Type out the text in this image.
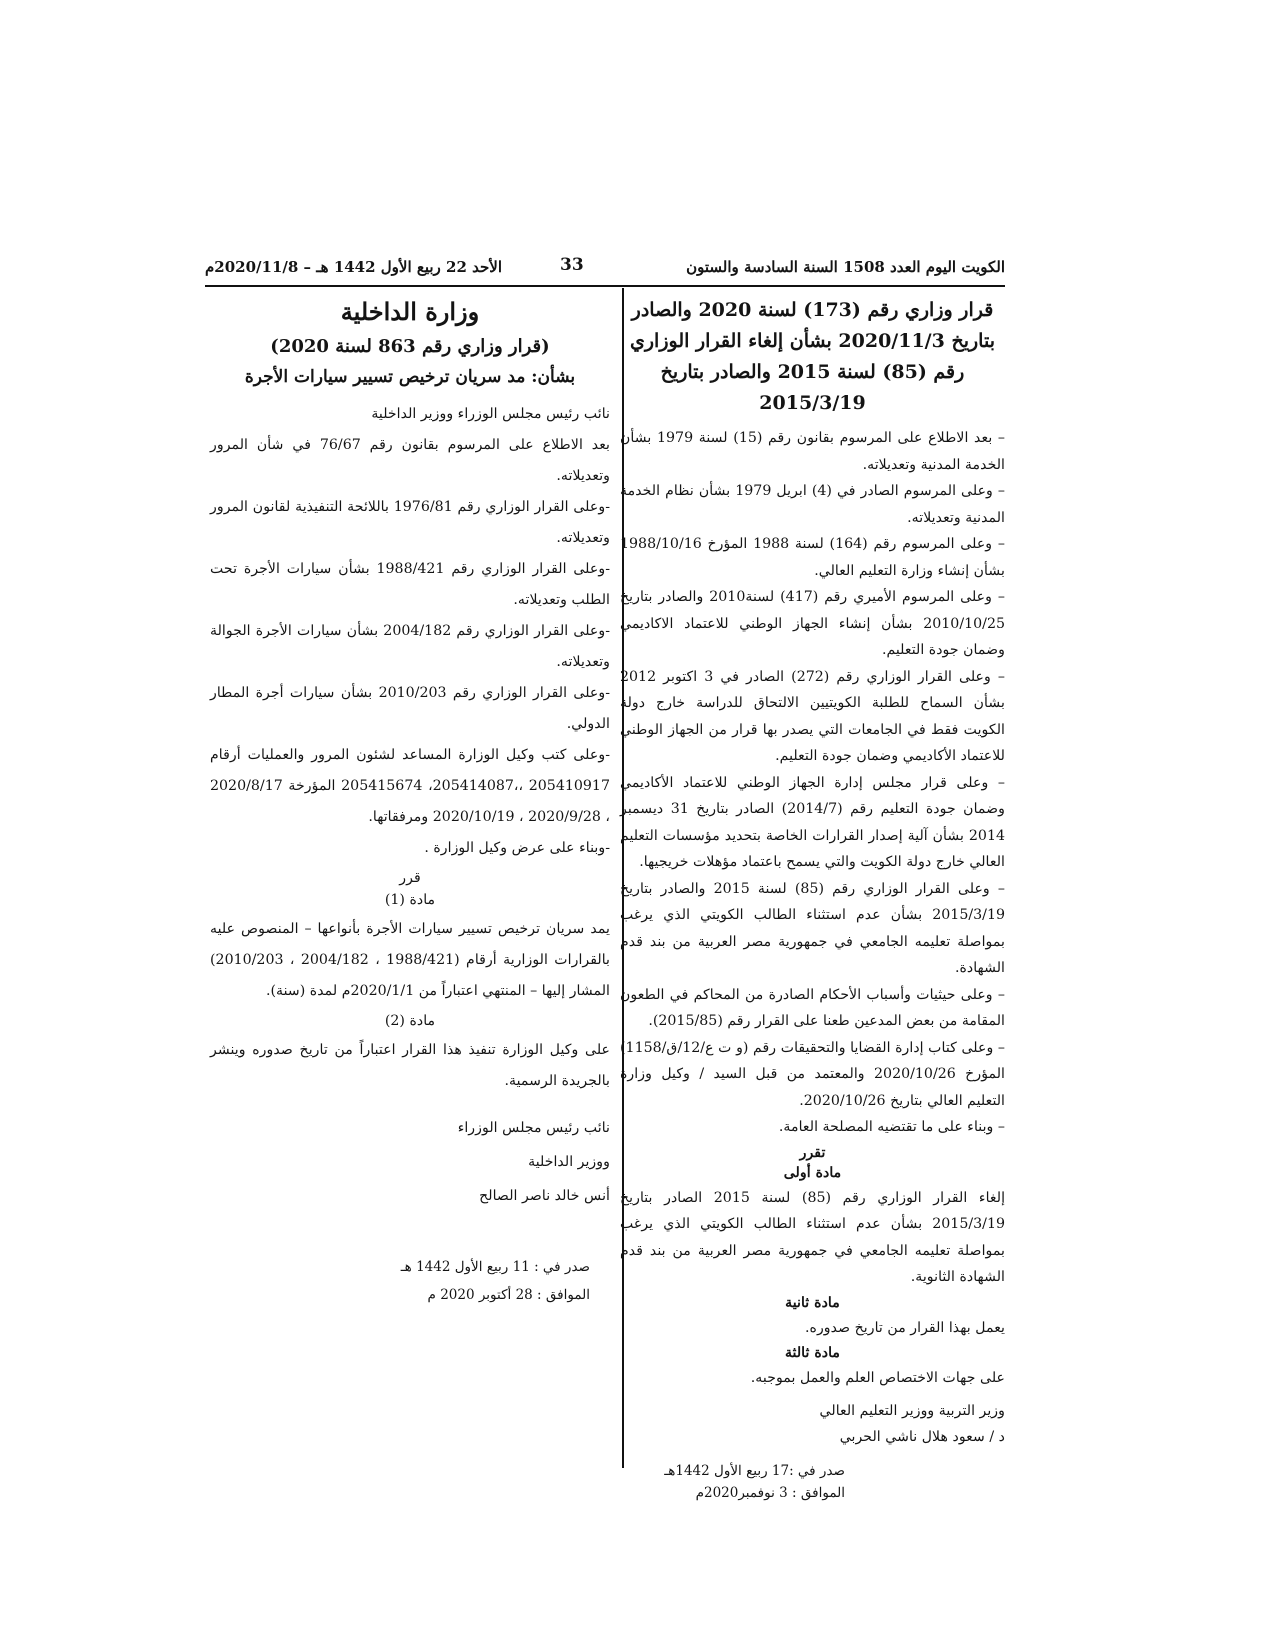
الكويت اليوم العدد 1508 السنة السادسة والستون
33
الأحد 22 ربيع الأول 1442 هـ – 2020/11/8م
قرار وزاري رقم (173) لسنة 2020 والصادر بتاريخ 2020/11/3 بشأن إلغاء القرار الوزاري رقم (85) لسنة 2015 والصادر بتاريخ 2015/3/19

– بعد الاطلاع على المرسوم بقانون رقم (15) لسنة 1979 بشأن الخدمة المدنية وتعديلاته.

– وعلى المرسوم الصادر في (4) ابريل 1979 بشأن نظام الخدمة المدنية وتعديلاته.

– وعلى المرسوم رقم (164) لسنة 1988 المؤرخ 1988/10/16 بشأن إنشاء وزارة التعليم العالي.

– وعلى المرسوم الأميري رقم (417) لسنة2010 والصادر بتاريخ 2010/10/25 بشأن إنشاء الجهاز الوطني للاعتماد الاكاديمي وضمان جودة التعليم.

– وعلى القرار الوزاري رقم (272) الصادر في 3 اكتوبر 2012 بشأن السماح للطلبة الكويتيين الالتحاق للدراسة خارج دولة الكويت فقط في الجامعات التي يصدر بها قرار من الجهاز الوطني للاعتماد الأكاديمي وضمان جودة التعليم.

– وعلى قرار مجلس إدارة الجهاز الوطني للاعتماد الأكاديمي وضمان جودة التعليم رقم (2014/7) الصادر بتاريخ 31 ديسمبر 2014 بشأن آلية إصدار القرارات الخاصة بتحديد مؤسسات التعليم العالي خارج دولة الكويت والتي يسمح باعتماد مؤهلات خريجيها.

– وعلى القرار الوزاري رقم (85) لسنة 2015 والصادر بتاريخ 2015/3/19 بشأن عدم استثناء الطالب الكويتي الذي يرغب بمواصلة تعليمه الجامعي في جمهورية مصر العربية من بند قدم الشهادة.

– وعلى حيثيات وأسباب الأحكام الصادرة من المحاكم في الطعون المقامة من بعض المدعين طعنا على القرار رقم (2015/85).

– وعلى كتاب إدارة القضايا والتحقيقات رقم (و ت ع/12/ق/1158) المؤرخ 2020/10/26 والمعتمد من قبل السيد / وكيل وزارة التعليم العالي بتاريخ 2020/10/26.

– وبناء على ما تقتضيه المصلحة العامة.

تقرر
مادة أولى

إلغاء القرار الوزاري رقم (85) لسنة 2015 الصادر بتاريخ 2015/3/19 بشأن عدم استثناء الطالب الكويتي الذي يرغب بمواصلة تعليمه الجامعي في جمهورية مصر العربية من بند قدم الشهادة الثانوية.

مادة ثانية

يعمل بهذا القرار من تاريخ صدوره.

مادة ثالثة

على جهات الاختصاص العلم والعمل بموجبه.

وزير التربية ووزير التعليم العالي
د / سعود هلال ناشي الحربي
صدر في :17 ربيع الأول 1442هـ
الموافق : 3 نوفمبر2020م
وزارة الداخلية
(قرار وزاري رقم 863 لسنة 2020)
بشأن: مد سريان ترخيص تسيير سيارات الأجرة

نائب رئيس مجلس الوزراء ووزير الداخلية

بعد الاطلاع على المرسوم بقانون رقم 76/67 في شأن المرور وتعديلاته.

-وعلى القرار الوزاري رقم 1976/81 باللائحة التنفيذية لقانون المرور وتعديلاته.

-وعلى القرار الوزاري رقم 1988/421 بشأن سيارات الأجرة تحت الطلب وتعديلاته.

-وعلى القرار الوزاري رقم 2004/182 بشأن سيارات الأجرة الجوالة وتعديلاته.

-وعلى القرار الوزاري رقم 2010/203 بشأن سيارات أجرة المطار الدولي.

-وعلى كتب وكيل الوزارة المساعد لشئون المرور والعمليات أرقام 205410917 ،،205414087، 205415674 المؤرخة 2020/8/17 ، 2020/9/28 ، 2020/10/19 ومرفقاتها.

-وبناء على عرض وكيل الوزارة .

قرر
مادة (1)

يمد سريان ترخيص تسيير سيارات الأجرة بأنواعها – المنصوص عليه بالقرارات الوزارية أرقام (1988/421 ، 2004/182 ، 2010/203) المشار إليها – المنتهي اعتباراً من 2020/1/1م لمدة (سنة).

مادة (2)

على وكيل الوزارة تنفيذ هذا القرار اعتباراً من تاريخ صدوره وينشر بالجريدة الرسمية.

نائب رئيس مجلس الوزراء
ووزير الداخلية
أنس خالد ناصر الصالح
صدر في : 11 ربيع الأول 1442 هـ
الموافق : 28 أكتوبر 2020 م
